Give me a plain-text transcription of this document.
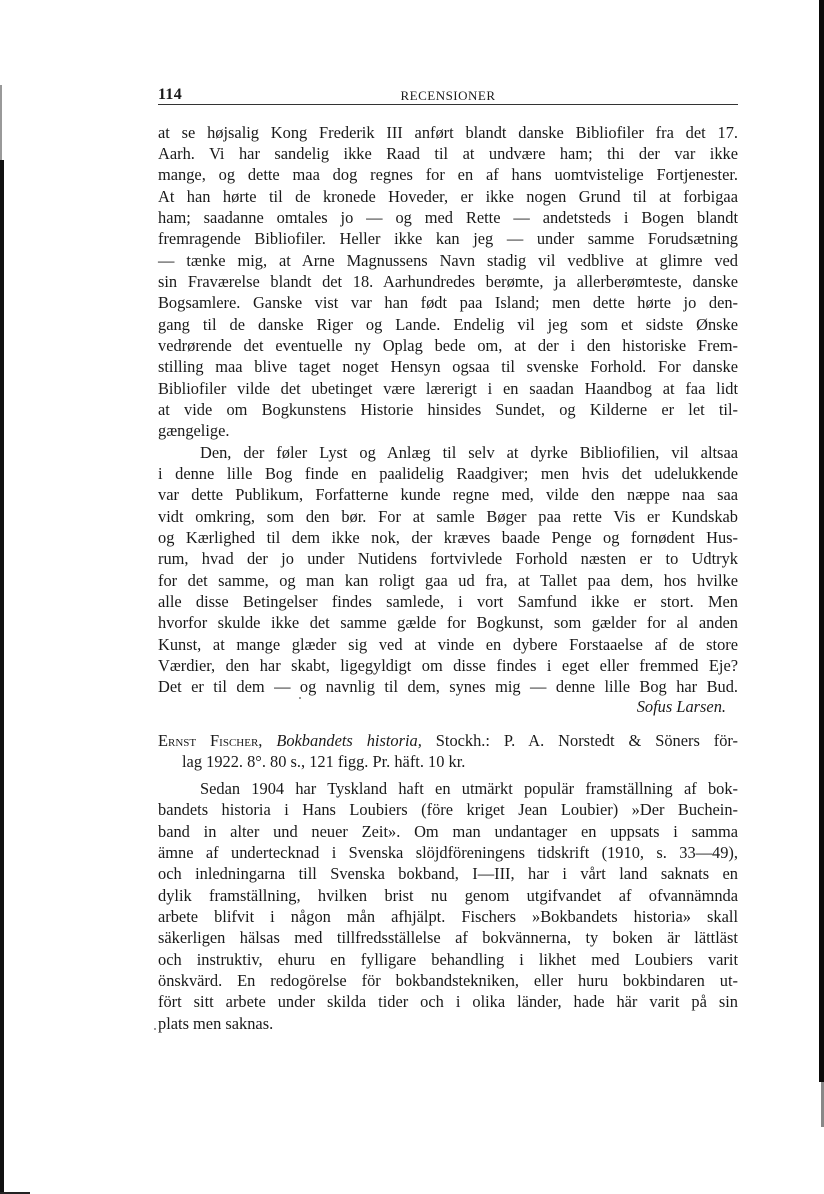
114	RECENSIONER
at se højsalig Kong Frederik III anført blandt danske Bibliofiler fra det 17.
Aarh. Vi har sandelig ikke Raad til at undvære ham; thi der var ikke
mange, og dette maa dog regnes for en af hans uomtvistelige Fortjenester.
At han hørte til de kronede Hoveder, er ikke nogen Grund til at forbigaa
ham; saadanne omtales jo — og med Rette — andetsteds i Bogen blandt
fremragende Bibliofiler. Heller ikke kan jeg — under samme Forudsætning
— tænke mig, at Arne Magnussens Navn stadig vil vedblive at glimre ved
sin Fraværelse blandt det 18. Aarhundredes berømte, ja allerberømteste, danske
Bogsamlere. Ganske vist var han født paa Island; men dette hørte jo den-
gang til de danske Riger og Lande. Endelig vil jeg som et sidste Ønske
vedrørende det eventuelle ny Oplag bede om, at der i den historiske Frem-
stilling maa blive taget noget Hensyn ogsaa til svenske Forhold. For danske
Bibliofiler vilde det ubetinget være lærerigt i en saadan Haandbog at faa lidt
at vide om Bogkunstens Historie hinsides Sundet, og Kilderne er let til-
gængelige.
Den, der føler Lyst og Anlæg til selv at dyrke Bibliofilien, vil altsaa
i denne lille Bog finde en paalidelig Raadgiver; men hvis det udelukkende
var dette Publikum, Forfatterne kunde regne med, vilde den næppe naa saa
vidt omkring, som den bør. For at samle Bøger paa rette Vis er Kundskab
og Kærlighed til dem ikke nok, der kræves baade Penge og fornødent Hus-
rum, hvad der jo under Nutidens fortvivlede Forhold næsten er to Udtryk
for det samme, og man kan roligt gaa ud fra, at Tallet paa dem, hos hvilke
alle disse Betingelser findes samlede, i vort Samfund ikke er stort. Men
hvorfor skulde ikke det samme gælde for Bogkunst, som gælder for al anden
Kunst, at mange glæder sig ved at vinde en dybere Forstaaelse af de store
Værdier, den har skabt, ligegyldigt om disse findes i eget eller fremmed Eje?
Det er til dem — og navnlig til dem, synes mig — denne lille Bog har Bud.
Sofus Larsen.
Ernst Fischer, Bokbandets historia, Stockh.: P. A. Norstedt & Söners för-
lag 1922. 8°. 80 s., 121 figg. Pr. häft. 10 kr.
Sedan 1904 har Tyskland haft en utmärkt populär framställning af bok-
bandets historia i Hans Loubiers (före kriget Jean Loubier) »Der Buchein-
band in alter und neuer Zeit». Om man undantager en uppsats i samma
ämne af undertecknad i Svenska slöjdföreningens tidskrift (1910, s. 33—49),
och inledningarna till Svenska bokband, I—III, har i vårt land saknats en
dylik framställning, hvilken brist nu genom utgifvandet af ofvannämnda
arbete blifvit i någon mån afhjälpt. Fischers »Bokbandets historia» skall
säkerligen hälsas med tillfredsställelse af bokvännerna, ty boken är lättläst
och instruktiv, ehuru en fylligare behandling i likhet med Loubiers varit
önskvärd. En redogörelse för bokbandstekniken, eller huru bokbindaren ut-
fört sitt arbete under skilda tider och i olika länder, hade här varit på sin
plats men saknas.
